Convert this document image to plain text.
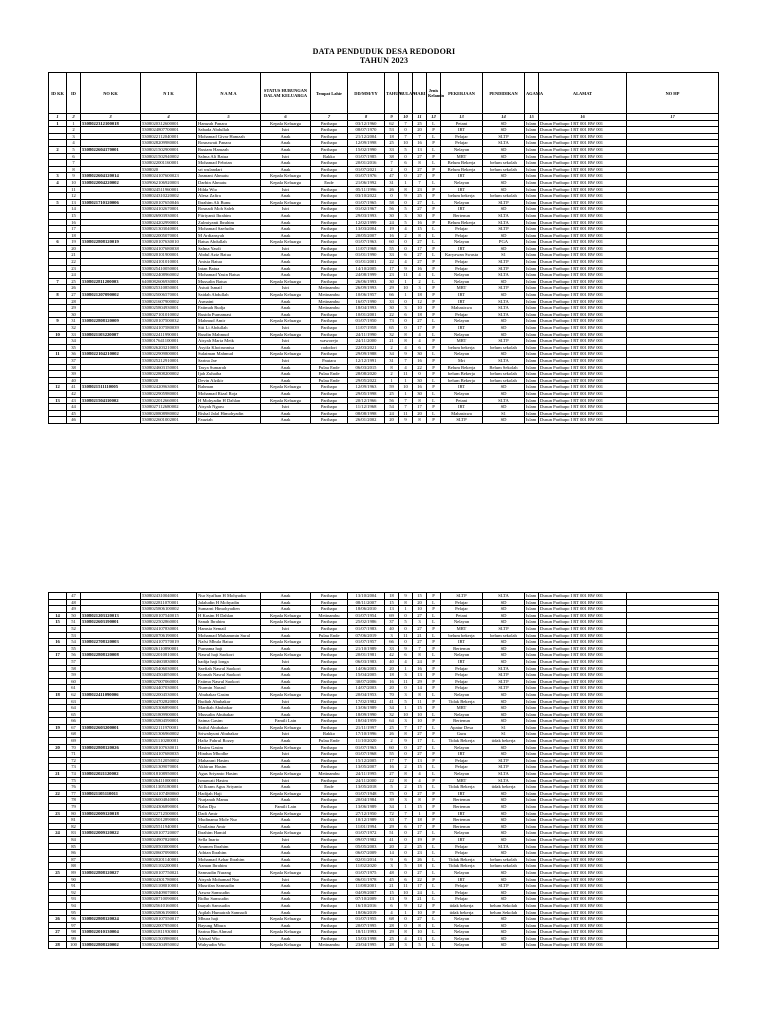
DATA PENDUDUK DESA REDODORI
TAHUN 2023
ID KK	ID	NO KK	N I K	N A M A	STATUS HUBUNGAN DALAM KELUARGA	Tempat Lahir	DD/MM/YY	TAHUN	BULAN	HARI	Jenis Kelamin	PEKERJAAN	PENDIDIKAN	AGAMA	ALAMAT	NO HP
1	2	3	4	5	6	7	8	9	10	11	12	13	14	15	16	17
1	1	5308022312100018	5308020312600001	Hamzah Panara	Kepala Keluarga	Paribapo	03/12/1960	62	7	25	L	Petani	SD	Islam	Dusun Paribapo I RT 001 RW 001	
	2		5308024807700001	Sabada Abdullah	Istri	Paribapo	08/07/1970	53	0	20	P	IRT	SD	Islam	Dusun Paribapo I RT 001 RW 001	
	3		5308022112040001	Mohamad Givar Hamzah	Anak	Paribapo	21/12/2004	18	7	7	L	Pelajar	SLTP	Islam	Dusun Paribapo I RT 001 RW 001	
	4		5308028209980001	Rosnawati Panara	Anak	Paribapo	12/09/1998	25	10	16	P	Pelajar	SLTA	Islam	Dusun Paribapo I RT 001 RW 001	
2	5	5308022604170001	5308021502900001	Rustam Hamzah	Anak	Paribapo	15/02/1990	33	5	13	L	Nelayan	SD	Islam	Dusun Paribapo I RT 001 RW 001	
	6		5308021502940002	Salma Ali Batua	Istri	Rakko	01/07/1985	38	0	27	P	MRT	SD	Islam	Dusun Paribapo I RT 001 RW 001	
	7		5308022001160001	Mohamad Febrian	Anak	Paribapo	20/01/2016	7	6	8	L	Belum Bekerja	belum sekolah	Islam	Dusun Paribapo I RT 001 RW 001	
	8		5308020	sri wulandari	Anak	Paribapo	01/07/2021	2	0	27	P	Belum Bekerja	belum sekolah	Islam	Dusun Paribapo I RT 001 RW 001	
3	9	5308022604120014	5308024107600023	Jasmani Ahmatu	Kepala Keluarga	Paribapo	01/07/1976	47	0	27	P	IRT	SD	Islam	Dusun Paribapo I RT 001 RW 001	
4	10	5308022004220002	5309062106920003	Darbin Ahmatu	Kepala Keluarga	Ende	21/06/1992	31	1	7	L	Nelayan	SD	Islam	Dusun Paribapo I RT 001 RW 001	
	11		5308024511960001	Hilda Wio	Istri	Paribapo	05/11/1996	26	8	23	P	IRT	SD	Islam	Dusun Paribapo I RT 001 RW 001	
	12		5308024310220002	Alesa Zafira	Anak	Paribapo	03/10/2022	0	9	25	P	belum bekerja	belum sekolah	Islam	Dusun Paribapo I RT 001 RW 001	
5	13	5308021710120006	5308020107650046	Ibrahim Ali Bunu	Kepala Keluarga	Paribapo	01/07/1965	58	0	27	L	Nelayan	SLTP	Islam	Dusun Paribapo I RT 001 RW 001	
	14		5308024102670001	Rosnadi Moh Saleh	Istri	Paribapo	01/02/1967	56	5	27	P	IRT	SD	Islam	Dusun Paribapo I RT 001 RW 001	
	15		5308026903930001	Fitriyanti Ibrahim	Anak	Paribapo	29/03/1993	30	3	30	P	Bertenun	SLTA	Islam	Dusun Paribapo I RT 001 RW 001	
	16		5308024202990001	Zulmiyanti Ibrahim	Anak	Paribapo	12/02/1999	24	5	16	P	Belum Bekerja	SLTA	Islam	Dusun Paribapo I RT 001 RW 001	
	17		5308021303040001	Mohamad Saefudin	Anak	Paribapo	13/03/2004	19	4	15	L	Pelajar	SLTP	Islam	Dusun Paribapo I RT 001 RW 001	
	18		5308022005070001	M Ardiansyah	Anak	Paribapo	20/05/2007	16	2	8	L	Pelajar	SD	Islam	Dusun Paribapo I RT 001 RW 001	
6	19	5308022808120019	5308020107630010	Batua Abdullah	Kepala Keluarga	Paribapo	01/07/1963	60	0	27	L	Nelayan	PGA	Islam	Dusun Paribapo I RT 001 RW 001	
	20		5308024107680038	Salma Yasdi	Istri	Paribapo	11/07/1968	55	0	17	P	IRT	SD	Islam	Dusun Paribapo I RT 001 RW 001	
	21		5308020101900001	Abdul Aziz Batua	Anak	Paribapo	01/01/1990	33	6	27	L	Karyawan Swasta	S1	Islam	Dusun Paribapo I RT 001 RW 001	
	22		5308024101010001	Anisia Batua	Anak	Paribapo	01/01/2001	22	4	27	P	Pelajar	SLTP	Islam	Dusun Paribapo I RT 001 RW 001	
	23		5308025410050001	Intan Batua	Anak	Paribapo	14/10/2005	17	9	16	P	Pelajar	SLTP	Islam	Dusun Paribapo I RT 001 RW 001	
	24		5308022408960002	Mohamad Yasin Batua	Anak	Paribapo	24/08/1999	23	11	4	L	Nelayan	SLTA	Islam	Dusun Paribapo I RT 001 RW 001	
7	25	5308022811200003	6408082606930001	Mussalin Batua	Kepala Keluarga	Paribapo	26/06/1993	30	1	2	L	Nelayan	SD	Islam	Dusun Paribapo I RT 001 RW 001	
	26		5308025310850001	Astuti Ismail	Istri	Metinambu	26/09/1993	29	10	3	P	MRT	SLTP	Islam	Dusun Paribapo I RT 001 RW 001	
8	27	5308021207090002	5308025006570001	Saidah Abdullah	Kepala Keluarga	Metinambu	10/06/1957	66	1	18	P	IRT	SD	Islam	Dusun Paribapo I RT 001 RW 001	
	28		5308021607900002	Asmaini	Anak	Metinambu	16/07/1990	33	0	12	P	IRT	SLTA	Islam	Dusun Paribapo I RT 001 RW 001	
	29		5308025804930001	Fatimah Rudja	Anak	Metinambu	18/04/1993	30	3	10	P	Mahasiswa	SLTA	Islam	Dusun Paribapo I RT 001 RW 001	
	30		5308027101010002	Rusida Purnamasi	Anak	Paribapo	10/01/2001	22	6	18	P	Pelajar	SLTA	Islam	Dusun Paribapo I RT 001 RW 001	
9	31	5308022808120009	5308020107500032	Mahmud Amir	Kepala Keluarga	Paribapo	01/07/1950	73	0	27	L	Nelayan	SD	Islam	Dusun Paribapo I RT 001 RW 001	
	32		5308024107580039	Siti Li Abdullah	Istri	Paribapo	11/07/1958	65	0	17	P	IRT	SD	Islam	Dusun Paribapo I RT 001 RW 001	
10	33	5308021103220007	5308022411990001	Rusdin Mahmud	Kepala Keluarga	Paribapo	24/11/1990	32	8	4	L	Nelayan	SD	Islam	Dusun Paribapo I RT 001 RW 001	
	34		5308017641100001	Aisyah Maria Meik	Istri	waworejo	24/11/2000	21	8	4	P	MRT	SLTP	Islam	Dusun Paribapo I RT 001 RW 001	
	35		5308026203210001	Asyifa Khoirunnisa	Anak	radodori	22/03/2021	2	4	6	P	belum bekerja	belum sekolah	Islam	Dusun Paribapo I RT 001 RW 001	
11	36	5308022104210002	5308022909800001	Sulaiman Mahmud	Kepala Keluarga	Paribapo	29/09/1988	34	9	30	L	Nelayan	SD	Islam	Dusun Paribapo I RT 001 RW 001	
	37		5308025212910001	Sarina Jae	Istri	Pautara	12/12/1991	31	7	16	P	Mrt	SLTA	Islam	Dusun Paribapo I RT 001 RW 001	
	38		5308024603150001	Tasya Sumarah	Anak	Pulau Ende	06/03/2015	8	4	22	P	Belum Bekerja	Belum Sekolah	Islam	Dusun Paribapo I RT 001 RW 001	
	39		5308022808200002	Ijah Zuhaiba	Anak	Pulau Ende	28/08/2020	2	11	0	P	belum Bekerja	belum sekolah	Islam	Dusun Paribapo I RT 001 RW 001	
	40		5308020	Devin Alzikir	Anak	Pulau Ende	29/05/2022	1	1	30	L	belum Bekerja	belum sekolah	Islam	Dusun Paribapo I RT 001 RW 001	
12	41	5308021511110005	5308024209630001	Rahman	Kepala Keluarga	Paribapo	12/09/1963	59	10	16	P	IRT	SD	Islam	Dusun Paribapo I RT 001 RW 001	
	42		5308022905980001	Mohamad Rizal Roja	Anak	Paribapo	29/05/1998	25	1	30	L	Nelayan	SD	Islam	Dusun Paribapo I RT 001 RW 001	
13	43	5308021504110002	5308022012660001	H Mohyadin H Dahlan	Kepala Keluarga	Paribapo	20/12/1966	56	7	8	L	Petani	SLTA	Islam	Dusun Paribapo I RT 001 RW 001	
	44		5308027112680002	Aisyah Ngaru	Istri	Paribapo	11/12/1968	54	7	17	P	IRT	SD	Islam	Dusun Paribapo I RT 001 RW 001	
	45		5308020808980002	Rishal Jalal Himohyadin	Anak	Paribapo	08/08/1998	24	11	20	L	Mahasiswa	S1	Islam	Dusun Paribapo I RT 001 RW 001	
	46		5308022601002001	Fauziah	Anak	Paribapo	26/01/2002	20	9	8	P	SLTP	SD	Islam	Dusun Paribapo I RT 001 RW 001	
	47		5308024310040001	Nur Syafhan H Mohyadin	Anak	Paribapo	13/10/2004	18	9	15	P	SLTP	SLTA	Islam	Dusun Paribapo I RT 001 RW 001	
	48		5308022811070001	Jalaludin H Mohyadin	Anak	Paribapo	08/11/2007	15	8	20	L	Pelajar	SD	Islam	Dusun Paribapo I RT 001 RW 001	
	49		5308025806100002	Sumarni Himohyadien	Anak	Paribapo	18/06/2010	13	1	10	P	Pelajar	SD	Islam	Dusun Paribapo I RT 001 RW 001	
14	50	5308021203120013	5308020107540015	H Kasim H Dahlan	Kepala Keluarga	Metinambu	01/07/1954	69	0	27	L	Petani	SD	Islam	Dusun Paribapo I RT 001 RW 001	
15	51	5308022603190001	5308022502860001	Sanah Ibrahim	Kepala Keluarga	Paribapo	25/02/1986	37	5	3	L	Nelayan	SD	Islam	Dusun Paribapo I RT 001 RW 001	
	52		5308024107830001	Hamsia Semail	Istri	Paribapo	01/07/1983	40	0	27	P	MRT	SLTP	Islam	Dusun Paribapo I RT 001 RW 001	
	53		5308020706190001	Mohamad Muhammin Sural	Anak	Pulau Ende	07/06/2019	3	11	21	L	belum bekerja	belum sekolah	Islam	Dusun Paribapo I RT 001 RW 001	
16	54	5308022708120003	5308024107570019	Nafsi Mbula Batua	Kepala Keluarga	Paribapo	01/07/1957	66	0	27	P	IRT	SD	Islam	Dusun Paribapo I RT 001 RW 001	
	55		5308026110890001	Purnama haji	Anak	Paribapo	21/10/1989	33	9	7	P	Bertenun	SD	Islam	Dusun Paribapo I RT 001 RW 001	
17	56	5308022808120008	5308022010810001	Nasrul haji Saokori	Kepala Keluarga	Paribapo	20/01/1981	42	6	8	L	Nelayan	SD	Islam	Dusun Paribapo I RT 001 RW 001	
	57		5308024603830001	hadija haji longa	Istri	Paribapo	06/03/1983	40	4	24	P	IRT	SD	Islam	Dusun Paribapo I RT 001 RW 001	
	58		5308025406030001	Saefiah Nasrul Saokori	Anak	Paribapo	14/06/2003	20	1	16	P	Pelajar	SLTA	Islam	Dusun Paribapo I RT 001 RW 001	
	59		5308024504050001	Kornah Nasrul Saokori	Anak	Paribapo	15/04/2005	18	3	13	P	Pelajar	SLTP	Islam	Dusun Paribapo I RT 001 RW 001	
	60		5308027007060001	Fatima Nasrul Saokori	Anak	Paribapo	30/07/2006	16	11	29	P	Pelajar	SLTP	Islam	Dusun Paribapo I RT 001 RW 001	
	61		5308024407030001	Nurmin Nasrul	Anak	Paribapo	14/07/2003	20	0	14	P	Pelajar	SLTP	Islam	Dusun Paribapo I RT 001 RW 001	
18	62	5308022411090006	5308022004530001	Abubakar Gasim	Kepala Keluarga	Paribapo	20/04/1953	70	3	8	L	Nelayan	SD	Islam	Dusun Paribapo I RT 001 RW 001	
	63		5308024702820001	Budiah Abubakar	Istri	Paribapo	17/02/1982	41	5	11	P	Tidak Bekerja	SD	Islam	Dusun Paribapo I RT 001 RW 001	
	64		5308025306890001	Mardiah Abubakar	Anak	Paribapo	13/06/1989	34	1	15	P	MRT	SD	Islam	Dusun Paribapo I RT 001 RW 001	
	65		5308021809900001	Mussalin Abubakar	Anak	Paribapo	18/09/1990	32	10	10	L	Nelayan	SD	Islam	Dusun Paribapo I RT 001 RW 001	
	66		5308025804590001	Saima Gasim	Famili Lain	Paribapo	18/04/1959	64	3	10	P	Bertenun	SD	Islam	Dusun Paribapo I RT 001 RW 001	
19	67	5308022603200001	5308022111970001	Saiful Abubakar	Kepala Keluarga	Paribapo	21/11/1997	25	7	17	L	Apatur Desa	S1	Islam	Dusun Paribapo I RT 001 RW 001	
	68		5308021306960002	Sriwahyuni Abubakar	Istri	Rakko	17/10/1996	26	8	27	P	Guru	S1	Islam	Dusun Paribapo I RT 001 RW 001	
	69		5308021110200001	Hafiz Fahrul Rozzy	Anak	Pulau Ende	11/10/2020	2	9	17	L	Tidak Bekerja	tidak bekerja	Islam	Dusun Paribapo I RT 001 RW 001	
20	70	5308022808120026	5308020107630011	Hasim Gasim	Kepala Keluarga	Paribapo	01/07/1963	60	0	27	L	Nelayan	SD	Islam	Dusun Paribapo I RT 001 RW 001	
	71		5308024107680035	Hindun Mbodhe	Istri	Paribapo	01/07/1968	55	0	27	P	IRT	SD	Islam	Dusun Paribapo I RT 001 RW 001	
	72		5308021512050002	Maharani Hasim	Anak	Paribapo	15/12/2005	17	7	13	P	Pelajar	SLTP	Islam	Dusun Paribapo I RT 001 RW 001	
	73		5308021309070001	Akhirun Hasim	Anak	Paribapo	13/05/2007	16	2	15	L	Pelajar	SLTP	Islam	Dusun Paribapo I RT 001 RW 001	
21	74	5308022021120002	5308018108950001	Agus Sriyanto Hasim	Kepala Keluarga	Metinambu	24/11/1995	27	8	4	L	Nelayan	SLTA	Islam	Dusun Paribapo I RT 001 RW 001	
	75		5308026411000001	Ismawati Hasim	Istri	Paribapo	24/11/2000	22	8	4	P	MRT	SLTA	Islam	Dusun Paribapo I RT 001 RW 001	
	76		5308011305180001	Al Ikram Agus Sriyanto	Anak	Ende	13/05/2018	5	2	15	L	Tidak Bekerja	tidak bekerja	Islam	Dusun Paribapo I RT 001 RW 001	
22	77	5308021105110011	5308024107480060	Hadijah Haji	Kepala Keluarga	Paribapo	01/07/1948	75	0	27	P	IRT	SD	Islam	Dusun Paribapo I RT 001 RW 001	
	78		5308026004840001	Nurjanah Mamu	Anak	Paribapo	20/04/1984	39	3	8	P	Bertenun	SD	Islam	Dusun Paribapo I RT 001 RW 001	
	79		5308024306890001	Naba Dju	Famili Lain	Paribapo	13/06/1989	34	1	15	P	Bertenun	SD	Islam	Dusun Paribapo I RT 001 RW 001	
23	80	5308022009120018	5308022712500001	Dadi Amir	Kepala Keluarga	Paribapo	27/12/1950	72	7	1	P	IRT	SD	Islam	Dusun Paribapo I RT 001 RW 001	
	81		5308025012890001	Mudinama Mole Nur	Anak	Paribapo	10/12/1989	33	7	18	P	Bertenun	SD	Islam	Dusun Paribapo I RT 001 RW 001	
	82		5308025511940001	Umilaina Amir	Anak	Paribapo	11/01/1994	29	6	17	P	Bertenun	SD	Islam	Dusun Paribapo I RT 001 RW 001	
24	83	5308022009120022	5308020107720007	Ibrahim Hamid	Kepala Keluarga	Paribapo	01/07/1972	51	0	27	L	Nelayan	SD	Islam	Dusun Paribapo I RT 001 RW 001	
	84		5308024907820001	Sella Inarto	Istri	Paribapo	09/07/1982	41	0	19	P	IRT	SD	Islam	Dusun Paribapo I RT 001 RW 001	
	85		5308020503000001	Ammen Ibrahim	Anak	Paribapo	05/05/2003	20	2	25	L	Pelajar	SLTA	Islam	Dusun Paribapo I RT 001 RW 001	
	86		5308020607090001	Adrian Ibrahim	Anak	Paribapo	06/07/2009	14	0	23	L	Pelajar	SD	Islam	Dusun Paribapo I RT 001 RW 001	
	87		5308020201140001	Mohamad Azhar Ibrahim	Anak	Paribapo	02/01/2014	9	6	26	L	Tidak Bekerja	belum sekolah	Islam	Dusun Paribapo I RT 001 RW 001	
	88		5308021102200001	Azman Ibrahim	Anak	Paribapo	11/02/2020	3	5	18	L	Tidak Bekerja	belum sekolah	Islam	Dusun Paribapo I RT 001 RW 001	
25	89	5308022808120027	5308020107750021	Samsudin Nurang	Kepala Keluarga	Paribapo	01/07/1975	48	0	27	L	Nelayan	SD	Islam	Dusun Paribapo I RT 001 RW 001	
	90		5308024301780001	Aisyah Mohamad Nur	Istri	Paribapo	06/01/1978	45	6	22	P	IRT	SD	Islam	Dusun Paribapo I RT 001 RW 001	
	91		5308021108010001	Musrifan Samsudin	Anak	Paribapo	11/08/2001	21	11	17	L	Pelajar	SLTP	Islam	Dusun Paribapo I RT 001 RW 001	
	92		5308020409070001	Azwar Samsudin	Anak	Paribapo	04/09/2007	15	10	24	L	Pelajar	SD	Islam	Dusun Paribapo I RT 001 RW 001	
	93		5308020710090001	Ridho Samsudin	Anak	Paribapo	07/10/2009	13	9	21	L	Pelajar	SD	Islam	Dusun Paribapo I RT 001 RW 001	
	94		5308025610160001	Inayah Samsudin	Anak	Paribapo	16/10/2016	6	9	12	P	tidak bekerja	belum Sekolah	Islam	Dusun Paribapo I RT 001 RW 001	
	95		5308025806190001	Aqilah Humairah Samsudi	Anak	Paribapo	18/06/2019	4	1	10	P	tidak bekerja	belum Sekolah	Islam	Dusun Paribapo I RT 001 RW 001	
26	96	5308022808120024	5308020107550017	Mbura haji	Kepala Keluarga	Paribapo	01/07/1955	68	0	27	L	Nelayan	SD	Islam	Dusun Paribapo I RT 001 RW 001	
	97		5308022007950001	Bayung Mbura	Anak	Paribapo	20/07/1995	28	0	8	L	Nelayan	SD	Islam	Dusun Paribapo I RT 001 RW 001	
27	98	5308022010130004	5308021811930001	Sarina Bin Ahmad	Kepala Keluarga	Paribapo	18/11/1993	29	8	10	L	Nelayan	SD	Islam	Dusun Paribapo I RT 001 RW 001	
	99		5308021503980001	Afrisal Wio	Anak	Paribapo	15/03/1998	25	4	13	L	Nelayan	SD	Islam	Dusun Paribapo I RT 001 RW 001	
28	100	5308022808120002	5308022304950002	Wahyudin Wio	Kepala Keluarga	Metinambu	23/04/1995	28	3	5	L	Nelayan	SD	Islam	Dusun Paribapo I RT 001 RW 001	
